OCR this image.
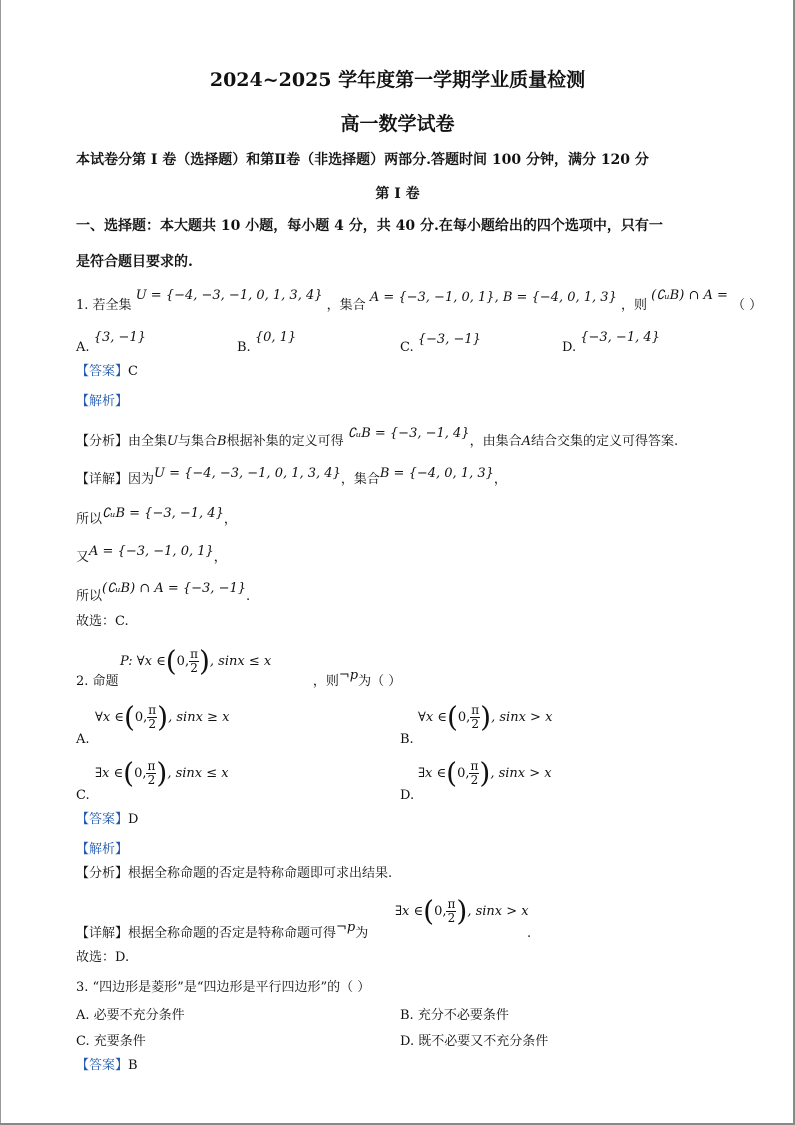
2024~2025 学年度第一学期学业质量检测
高一数学试卷
本试卷分第 I 卷（选择题）和第Ⅱ卷（非选择题）两部分.答题时间 100 分钟，满分 120 分
第 I 卷
一、选择题：本大题共 10 小题，每小题 4 分，共 40 分.在每小题给出的四个选项中，只有一
是符合题目要求的.
1. 若全集 U = {−4, −3, −1, 0, 1, 3, 4} ，集合 A = {−3, −1, 0, 1}, B = {−4, 0, 1, 3} ，则 (∁ᵤB) ∩ A = （ ）
A. {3, −1}
B. {0, 1}
C. {−3, −1}
D. {−3, −1, 4}
【答案】C
【解析】
【分析】由全集U与集合B根据补集的定义可得 ∁ᵤB = {−3, −1, 4}，由集合A结合交集的定义可得答案.
【详解】因为U = {−4, −3, −1, 0, 1, 3, 4}，集合B = {−4, 0, 1, 3}，
所以∁ᵤB = {−3, −1, 4}，
又A = {−3, −1, 0, 1}，
所以(∁ᵤB) ∩ A = {−3, −1}.
故选：C.
P: ∀x ∈(0, $\frac{\pi}{2}$ ), sinx ≤ x
2. 命题	，则¬p为（ ）
∀x ∈(0, $\frac{\pi}{2}$ ), sinx ≥ x
A.
∀x ∈(0, $\frac{\pi}{2}$ ), sinx > x
B.
∃x ∈(0, $\frac{\pi}{2}$ ), sinx ≤ x
C.
∃x ∈(0, $\frac{\pi}{2}$ ), sinx > x
D.
【答案】D
【解析】
【分析】根据全称命题的否定是特称命题即可求出结果.
∃x ∈(0, $\frac{\pi}{2}$ ), sinx > x
【详解】根据全称命题的否定是特称命题可得¬p为	.
故选：D.
3. “四边形是菱形”是“四边形是平行四边形”的（ ）
A. 必要不充分条件	B. 充分不必要条件
C. 充要条件	D. 既不必要又不充分条件
【答案】B
